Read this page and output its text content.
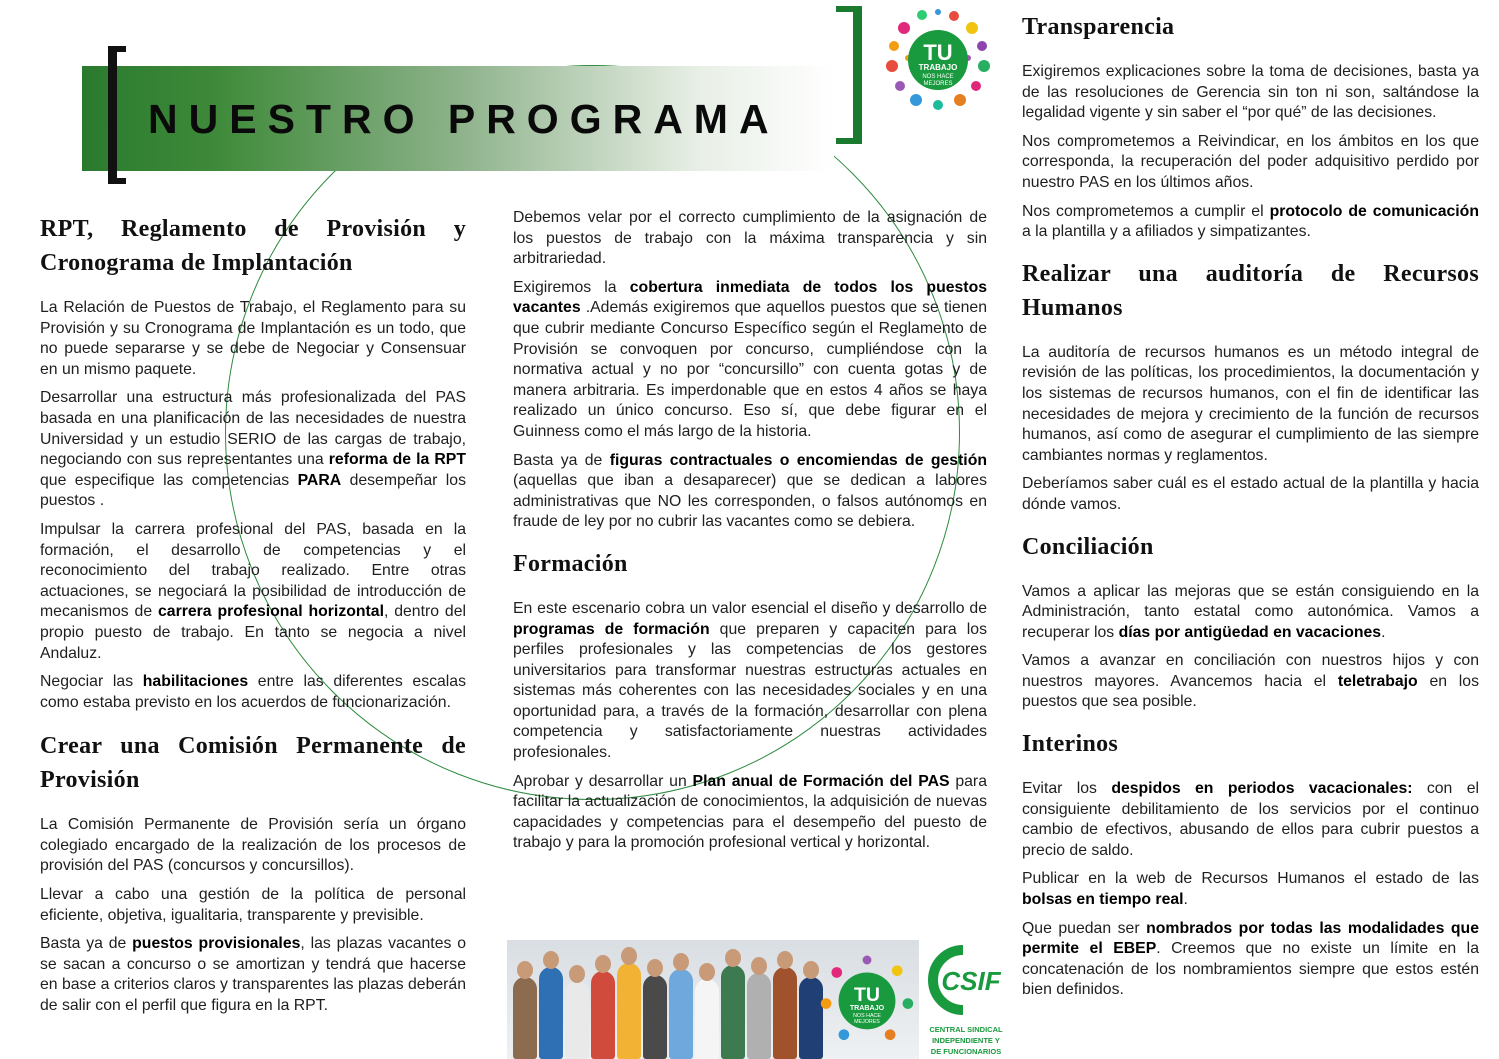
NUESTRO PROGRAMA
TU
TRABAJO
NOS HACE
MEJORES
RPT, Reglamento de Provisión y Cronograma de Implantación

La Relación de Puestos de Trabajo, el Reglamento para su Provisión y su Cronograma de Implantación es un todo, que no puede separarse y se debe de Negociar y Consensuar en un mismo paquete.

Desarrollar una estructura más profesionalizada del PAS basada en una planificación de las necesidades de nuestra Universidad y un estudio SERIO de las cargas de trabajo, negociando con sus representantes una reforma de la RPT que especifique las competencias PARA desempeñar los puestos .

Impulsar la carrera profesional del PAS, basada en la formación, el desarrollo de competencias y el reconocimiento del trabajo realizado. Entre otras actuaciones, se negociará la posibilidad de introducción de mecanismos de carrera profesional horizontal, dentro del propio puesto de trabajo. En tanto se negocia a nivel Andaluz.

Negociar las habilitaciones entre las diferentes escalas como estaba previsto en los acuerdos de funcionarización.

Crear una Comisión Permanente de Provisión

La Comisión Permanente de Provisión sería un órgano colegiado encargado de la realización de los procesos de provisión del PAS (concursos y concursillos).

Llevar a cabo una gestión de la política de personal eficiente, objetiva, igualitaria, transparente y previsible.

Basta ya de puestos provisionales, las plazas vacantes o se sacan a concurso o se amortizan y tendrá que hacerse en base a criterios claros y transparentes las plazas deberán de salir con el perfil que figura en la RPT.

Debemos velar por el correcto cumplimiento de la asignación de los puestos de trabajo con la máxima transparencia y sin arbitrariedad.

Exigiremos la cobertura inmediata de todos los puestos vacantes .Además exigiremos que aquellos puestos que se tienen que cubrir mediante Concurso Específico según el Reglamento de Provisión se convoquen por concurso, cumpliéndose con la normativa actual y no por “concursillo” con cuenta gotas y de manera arbitraria. Es imperdonable que en estos 4 años se haya realizado un único concurso. Eso sí, que debe figurar en el Guinness como el más largo de la historia.

Basta ya de figuras contractuales o encomiendas de gestión (aquellas que iban a desaparecer) que se dedican a labores administrativas que NO les corresponden, o falsos autónomos en fraude de ley por no cubrir las vacantes como se debiera.

Formación

En este escenario cobra un valor esencial el diseño y desarrollo de programas de formación que preparen y capaciten para los perfiles profesionales y las competencias de los gestores universitarios para transformar nuestras estructuras actuales en sistemas más coherentes con las necesidades sociales y en una oportunidad para, a través de la formación, desarrollar con plena competencia y satisfactoriamente nuestras actividades profesionales.

Aprobar y desarrollar un Plan anual de Formación del PAS para facilitar la actualización de conocimientos, la adquisición de nuevas capacidades y competencias para el desempeño del puesto de trabajo y para la promoción profesional vertical y horizontal.

Transparencia

Exigiremos explicaciones sobre la toma de decisiones, basta ya de las resoluciones de Gerencia sin ton ni son, saltándose la legalidad vigente y sin saber el “por qué” de las decisiones.

Nos comprometemos a Reivindicar, en los ámbitos en los que corresponda, la recuperación del poder adquisitivo perdido por nuestro PAS en los últimos años.

Nos comprometemos a cumplir el protocolo de comunicación a la plantilla y a afiliados y simpatizantes.

Realizar una auditoría de Recursos Humanos

La auditoría de recursos humanos es un método integral de revisión de las políticas, los procedimientos, la documentación y los sistemas de recursos humanos, con el fin de identificar las necesidades de mejora y crecimiento de la función de recursos humanos, así como de asegurar el cumplimiento de las siempre cambiantes normas y reglamentos.

Deberíamos saber cuál es el estado actual de la plantilla y hacia dónde vamos.

Conciliación

Vamos a aplicar las mejoras que se están consiguiendo en la Administración, tanto estatal como autonómica. Vamos a recuperar los días por antigüedad en vacaciones.

Vamos a avanzar en conciliación con nuestros hijos y con nuestros mayores. Avancemos hacia el teletrabajo en los puestos que sea posible.

Interinos

Evitar los despidos en periodos vacacionales: con el consiguiente debilitamiento de los servicios por el continuo cambio de efectivos, abusando de ellos para cubrir puestos a precio de saldo.

Publicar en la web de Recursos Humanos el estado de las bolsas en tiempo real.

Que puedan ser nombrados por todas las modalidades que permite el EBEP. Creemos que no existe un límite en la concatenación de los nombramientos siempre que estos estén bien definidos.

TU
TRABAJO
NOS HACE
MEJORES
CSIF
CENTRAL SINDICAL
INDEPENDIENTE Y
DE FUNCIONARIOS
